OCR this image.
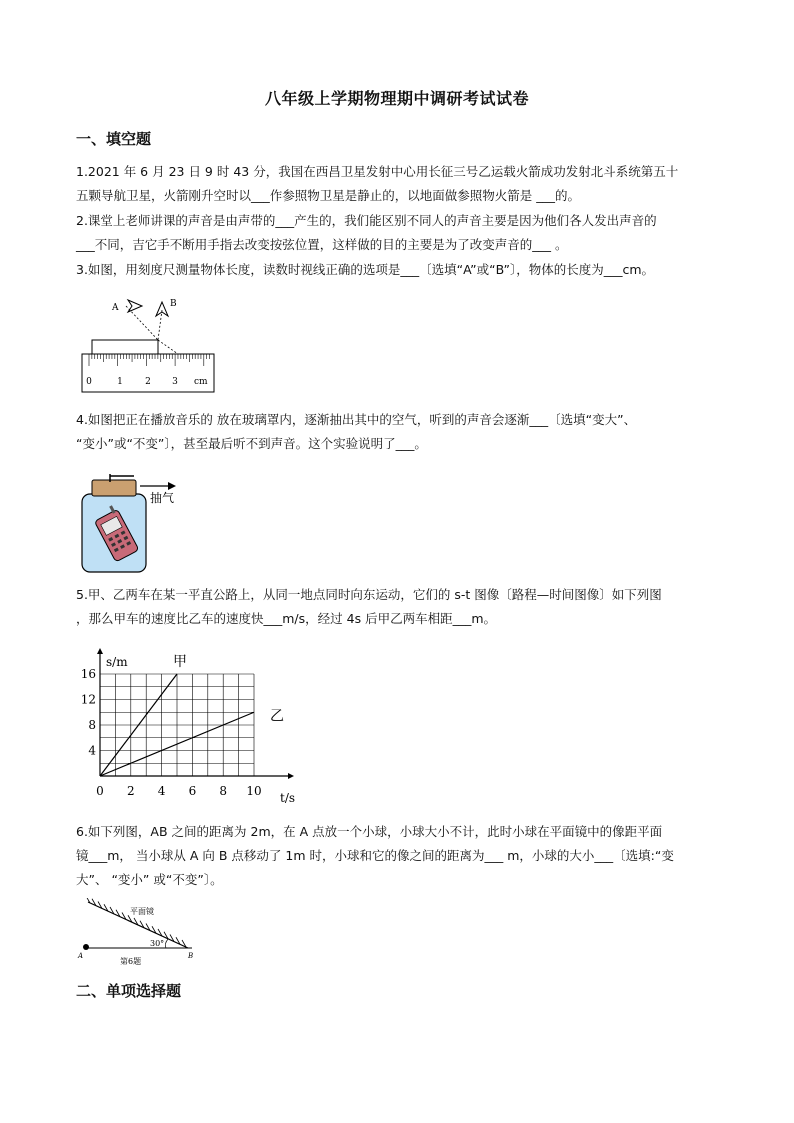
八年级上学期物理期中调研考试试卷
一、填空题
1.2021 年 6 月 23 日 9 时 43 分，我国在西昌卫星发射中心用长征三号乙运载火箭成功发射北斗系统第五十
五颗导航卫星，火箭刚升空时以___作参照物卫星是静止的，以地面做参照物火箭是 ___的。
2.课堂上老师讲课的声音是由声带的___产生的，我们能区别不同人的声音主要是因为他们各人发出声音的
___不同，吉它手不断用手指去改变按弦位置，这样做的目的主要是为了改变声音的___ 。
3.如图，用刻度尺测量物体长度，读数时视线正确的选项是___〔选填“A”或“B”〕，物体的长度为___cm。
A	B
0	1 2 3 cm
4.如图把正在播放音乐的 放在玻璃罩内，逐渐抽出其中的空气，听到的声音会逐渐___〔选填“变大”、
“变小”或“不变”〕，甚至最后听不到声音。这个实验说明了___。
抽气
5.甲、乙两车在某一平直公路上，从同一地点同时向东运动，它们的 s-t 图像〔路程—时间图像〕如下列图
，那么甲车的速度比乙车的速度快___m/s，经过 4s 后甲乙两车相距___m。
0 2 4 6 8 10
4
8
12
16
s/m
t/s
甲
乙
6.如下列图，AB 之间的距离为 2m，在 A 点放一个小球，小球大小不计，此时小球在平面镜中的像距平面
镜___m， 当小球从 A 向 B 点移动了 1m 时，小球和它的像之间的距离为___ m，小球的大小___〔选填:“变
大”、 “变小” 或“不变”〕。
平面镜
30°
A	B
第6题
二、单项选择题
